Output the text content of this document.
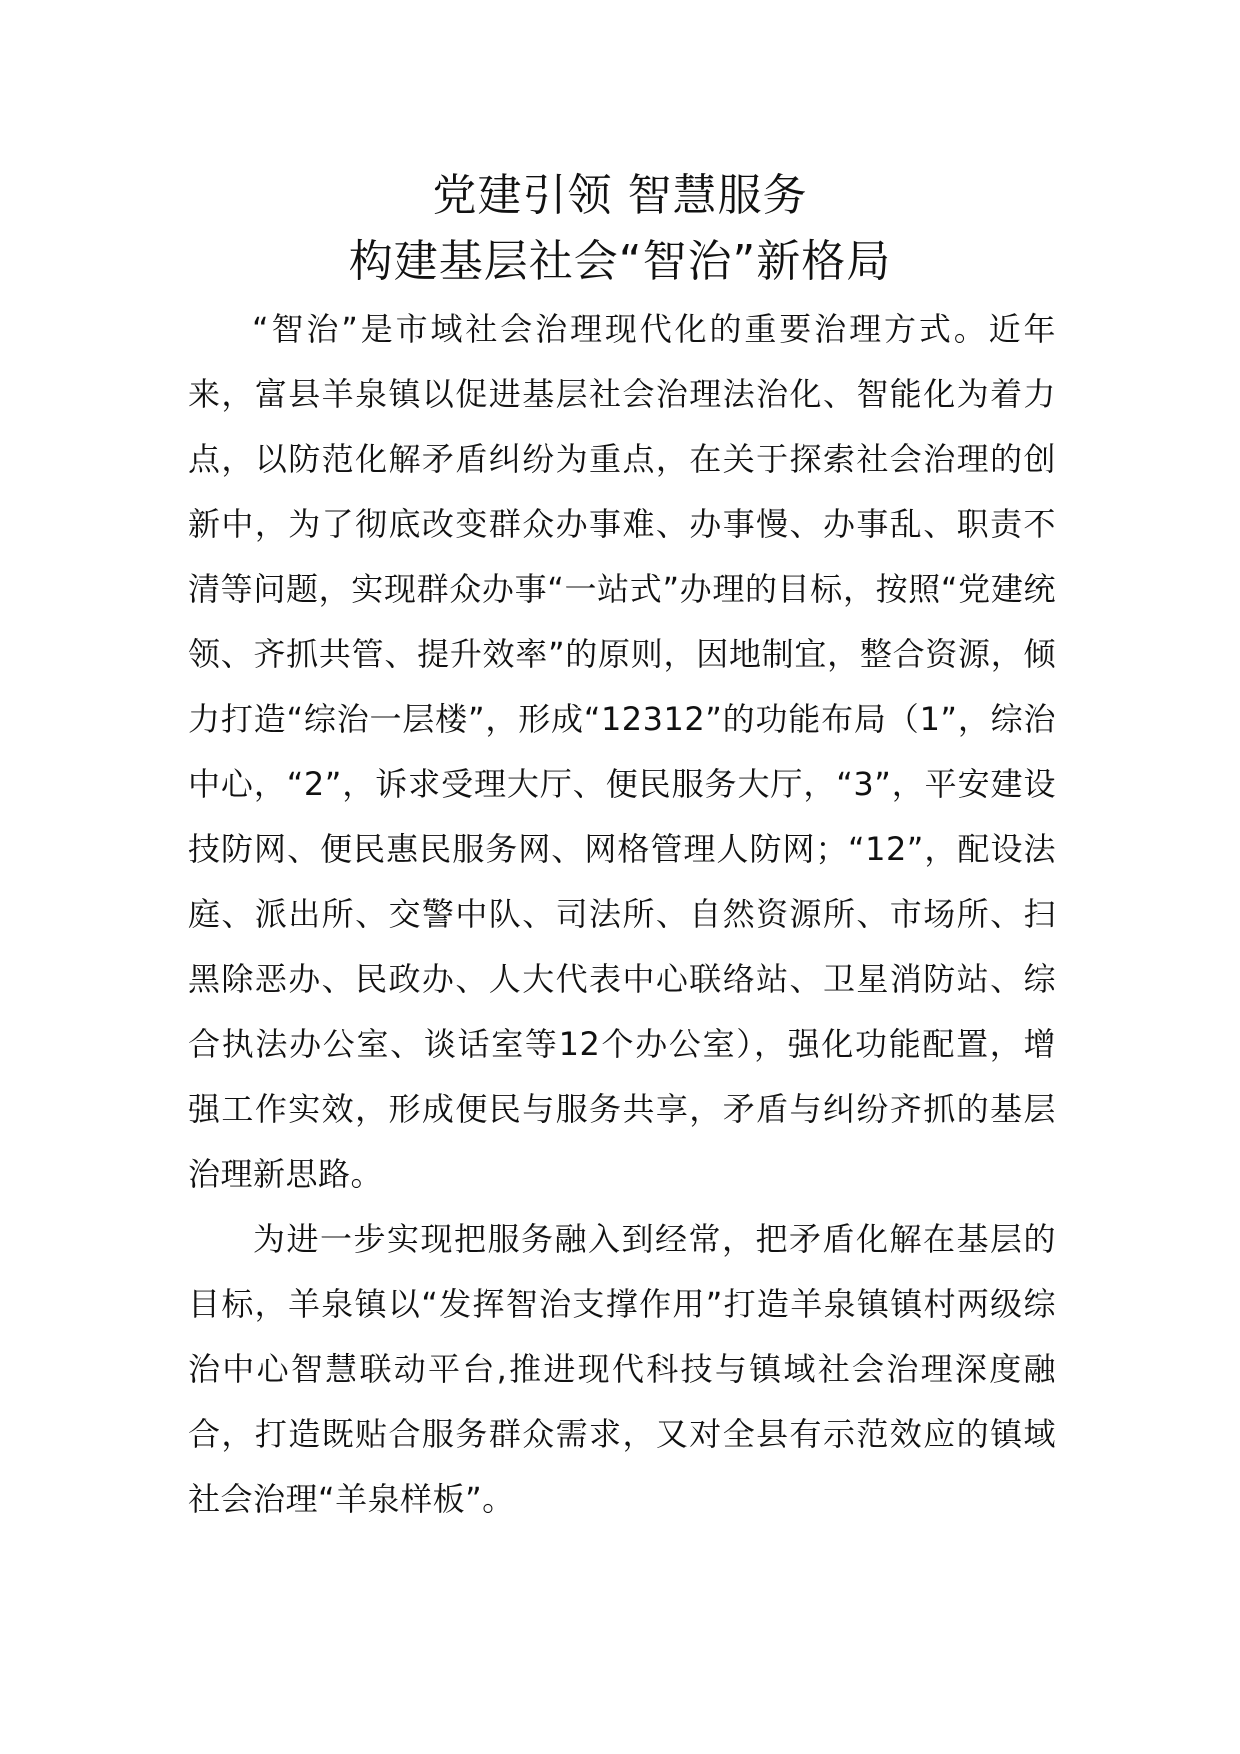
党建引领 智慧服务
构建基层社会“智治”新格局

“智治”是市域社会治理现代化的重要治理方式。近年来，富县羊泉镇以促进基层社会治理法治化、智能化为着力点，以防范化解矛盾纠纷为重点，在关于探索社会治理的创新中，为了彻底改变群众办事难、办事慢、办事乱、职责不清等问题，实现群众办事“一站式”办理的目标，按照“党建统领、齐抓共管、提升效率”的原则，因地制宜，整合资源，倾力打造“综治一层楼”，形成“12312”的功能布局（1”，综治中心，“2”，诉求受理大厅、便民服务大厅，“3”，平安建设技防网、便民惠民服务网、网格管理人防网；“12”，配设法庭、派出所、交警中队、司法所、自然资源所、市场所、扫黑除恶办、民政办、人大代表中心联络站、卫星消防站、综合执法办公室、谈话室等12个办公室），强化功能配置，增强工作实效，形成便民与服务共享，矛盾与纠纷齐抓的基层治理新思路。

为进一步实现把服务融入到经常，把矛盾化解在基层的目标，羊泉镇以“发挥智治支撑作用”打造羊泉镇镇村两级综治中心智慧联动平台,推进现代科技与镇域社会治理深度融合，打造既贴合服务群众需求，又对全县有示范效应的镇域社会治理“羊泉样板”。
